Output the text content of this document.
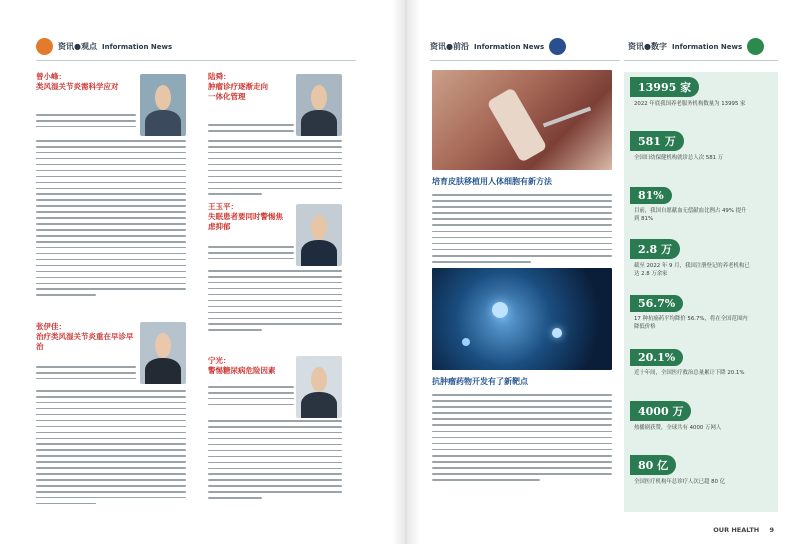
资讯●观点 Information News
曾小峰：
类风湿关节炎需科学应对
张伊佳：
治疗类风湿关节炎重在早诊早治
陆舜：
肿瘤诊疗逐渐走向一体化管理
王玉平：
失眠患者要同时警惕焦虑抑郁
宁光：
警惕糖尿病危险因素
资讯●前沿 Information News
培育皮肤移植用人体细胞有新方法
抗肿瘤药物开发有了新靶点
资讯●数字 Information News
13995 家
2022 年底我国养老服务机构数量为 13995 家
581 万
全国妇幼保健机构就诊总人次 581 万
81%
目前，我国自愿献血无偿献血比例占 49% 提升到 81%
2.8 万
截至 2022 年 9 月，我国注册登记的养老机构已达 2.8 万余家
56.7%
17 种抗癌药平均降价 56.7%，将在全国范围内降低价格
20.1%
近十年间，全国医疗救治总量累计下降 20.1%
4000 万
热播剧获赞，全球共有 4000 万网人
80 亿
全国医疗机构年总诊疗人次已超 80 亿
OUR HEALTH 9
